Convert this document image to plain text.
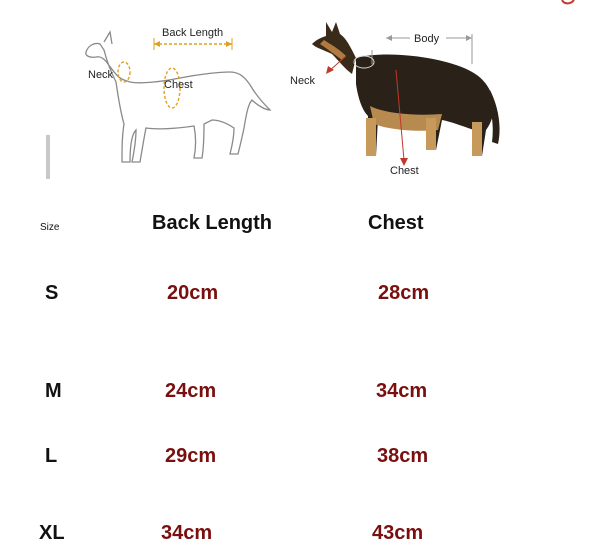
Back Length
Neck
Chest
Body
Neck
Chest
Size	Back Length	Chest
S	20cm	28cm
M	24cm	34cm
L	29cm	38cm
XL	34cm	43cm
